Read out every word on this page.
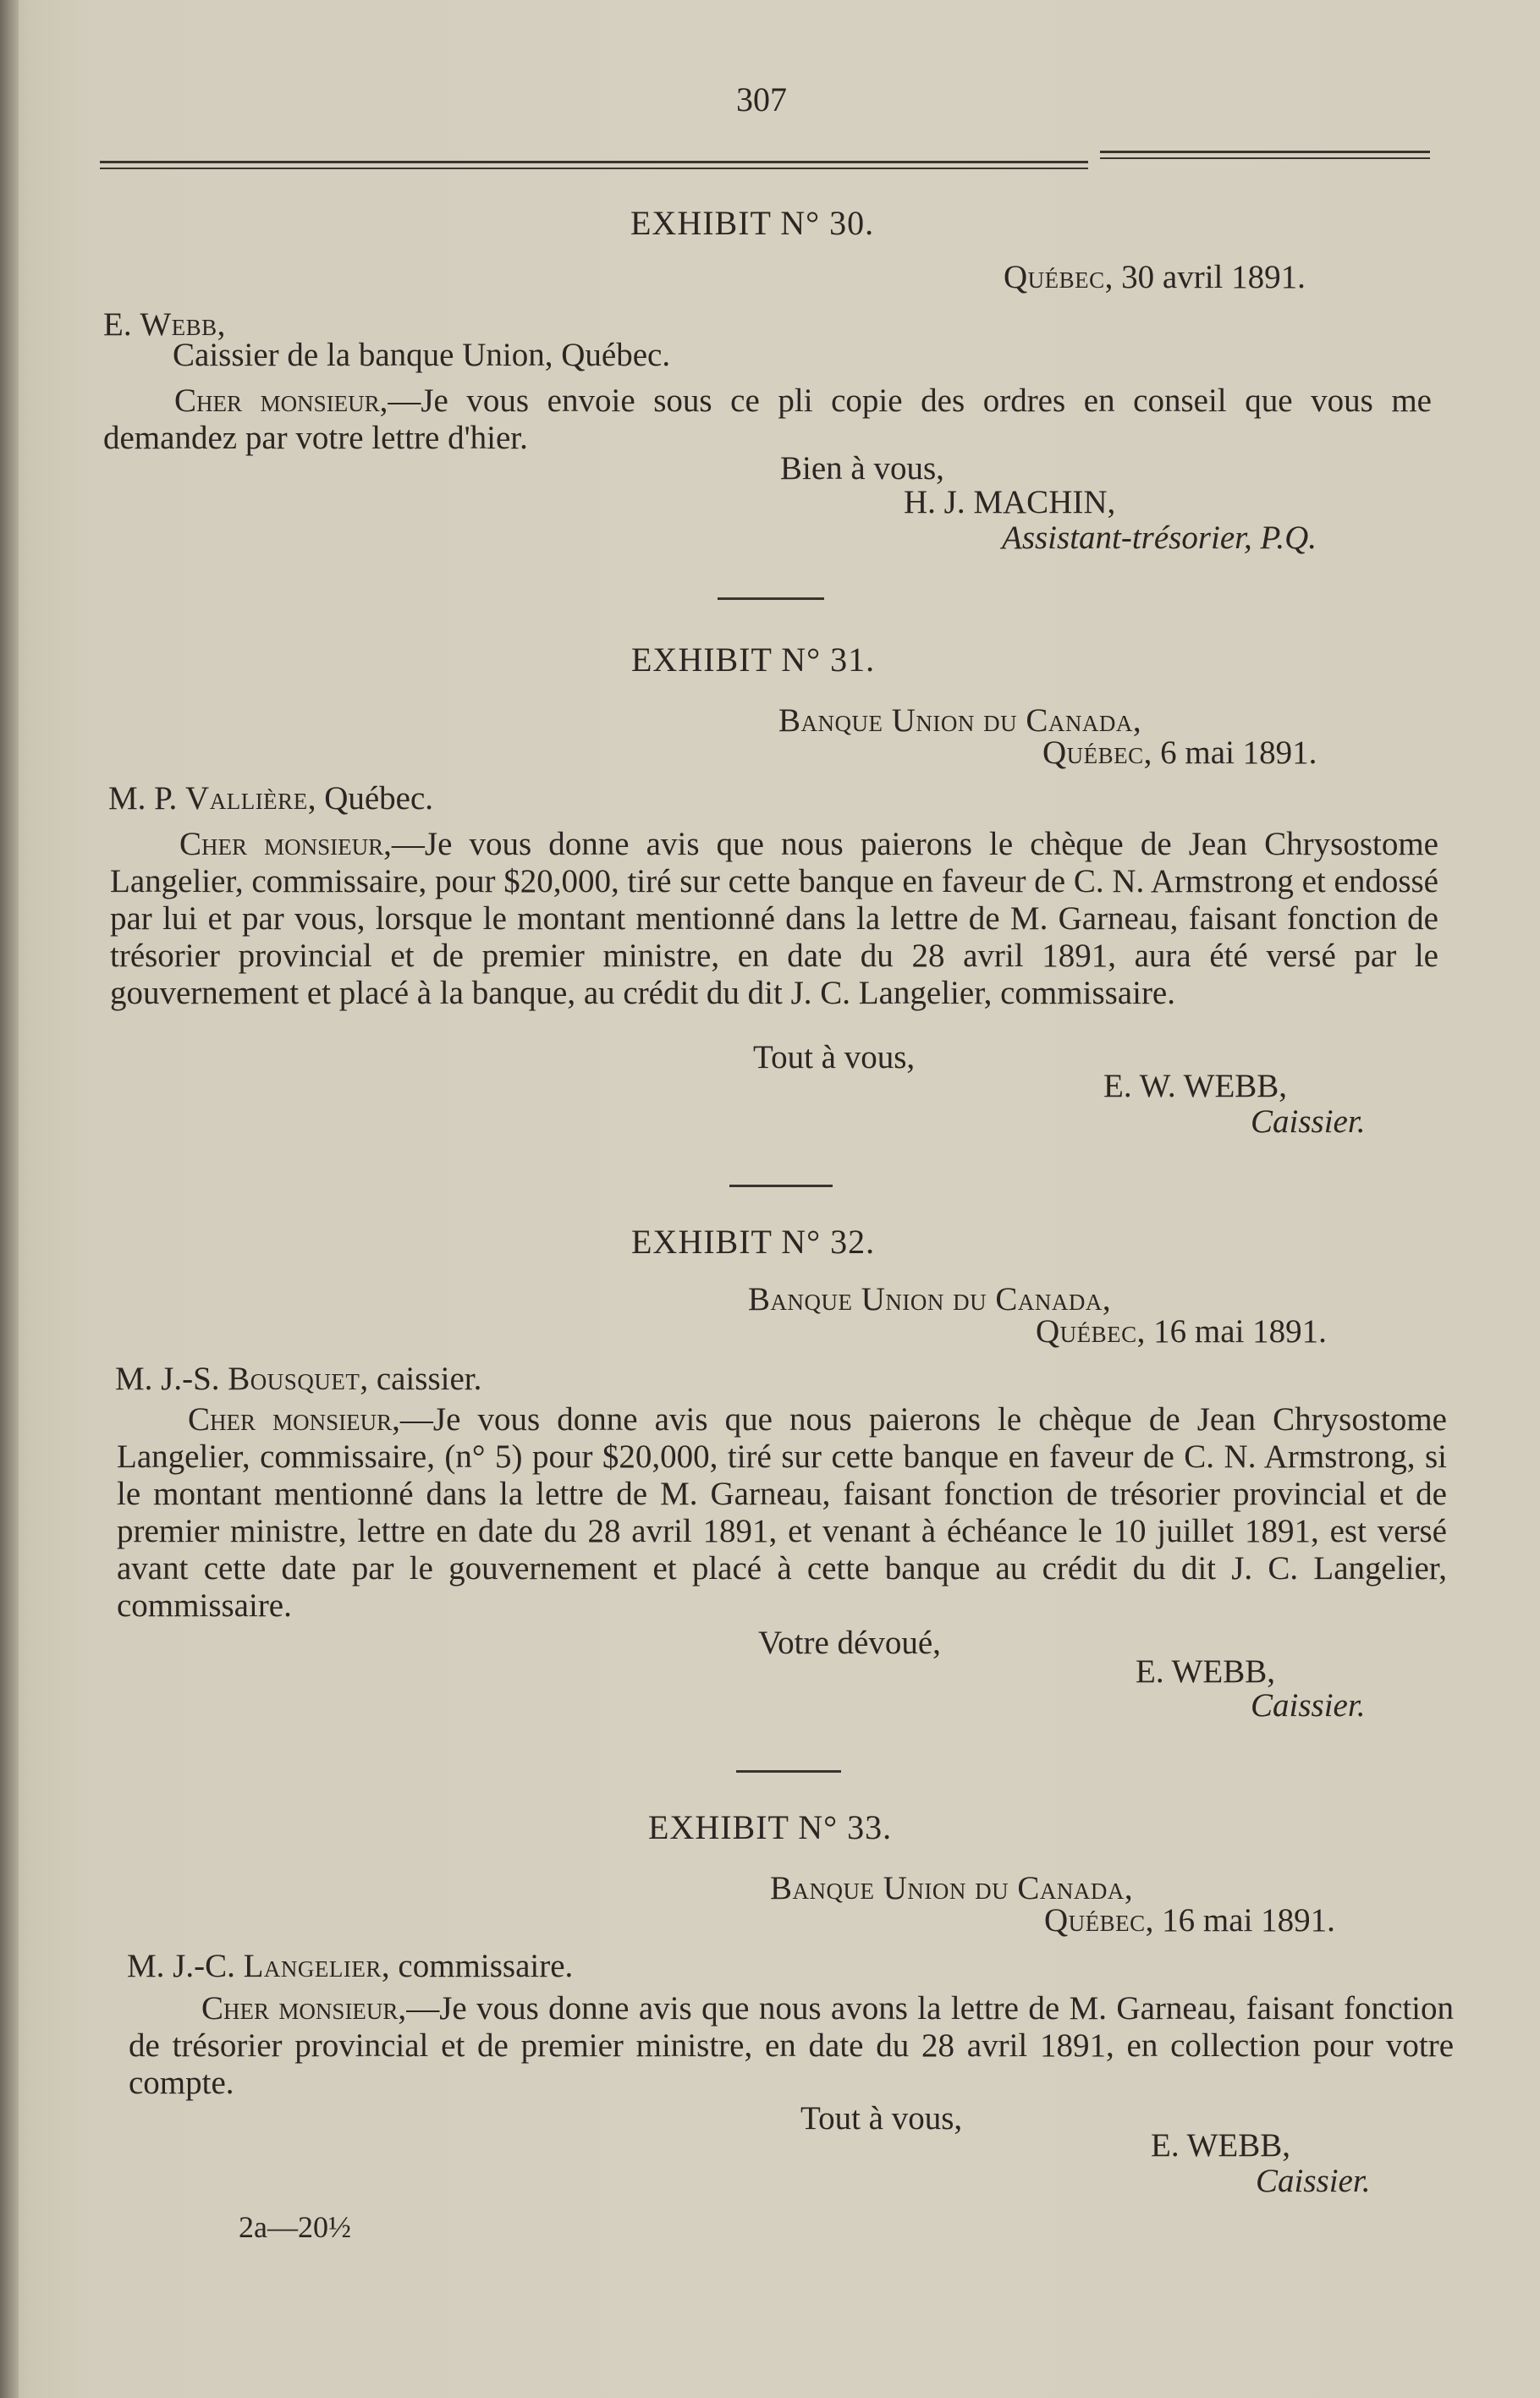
307
EXHIBIT N° 30.
Québec, 30 avril 1891.
E. Webb,
Caissier de la banque Union, Québec.
Cher monsieur,—Je vous envoie sous ce pli copie des ordres en conseil que vous me demandez par votre lettre d'hier.
Bien à vous,
H. J. MACHIN,
Assistant-trésorier, P.Q.
EXHIBIT N° 31.
Banque Union du Canada,
Québec, 6 mai 1891.
M. P. Vallière, Québec.
Cher monsieur,—Je vous donne avis que nous paierons le chèque de Jean Chrysostome Langelier, commissaire, pour $20,000, tiré sur cette banque en faveur de C. N. Armstrong et endossé par lui et par vous, lorsque le montant mentionné dans la lettre de M. Garneau, faisant fonction de trésorier provincial et de premier ministre, en date du 28 avril 1891, aura été versé par le gouvernement et placé à la banque, au crédit du dit J. C. Langelier, commissaire.
Tout à vous,
E. W. WEBB,
Caissier.
EXHIBIT N° 32.
Banque Union du Canada,
Québec, 16 mai 1891.
M. J.-S. Bousquet, caissier.
Cher monsieur,—Je vous donne avis que nous paierons le chèque de Jean Chrysostome Langelier, commissaire, (n° 5) pour $20,000, tiré sur cette banque en faveur de C. N. Armstrong, si le montant mentionné dans la lettre de M. Garneau, faisant fonction de trésorier provincial et de premier ministre, lettre en date du 28 avril 1891, et venant à échéance le 10 juillet 1891, est versé avant cette date par le gouvernement et placé à cette banque au crédit du dit J. C. Langelier, commissaire.
Votre dévoué,
E. WEBB,
Caissier.
EXHIBIT N° 33.
Banque Union du Canada,
Québec, 16 mai 1891.
M. J.-C. Langelier, commissaire.
Cher monsieur,—Je vous donne avis que nous avons la lettre de M. Garneau, faisant fonction de trésorier provincial et de premier ministre, en date du 28 avril 1891, en collection pour votre compte.
Tout à vous,
E. WEBB,
Caissier.
2a—20½
